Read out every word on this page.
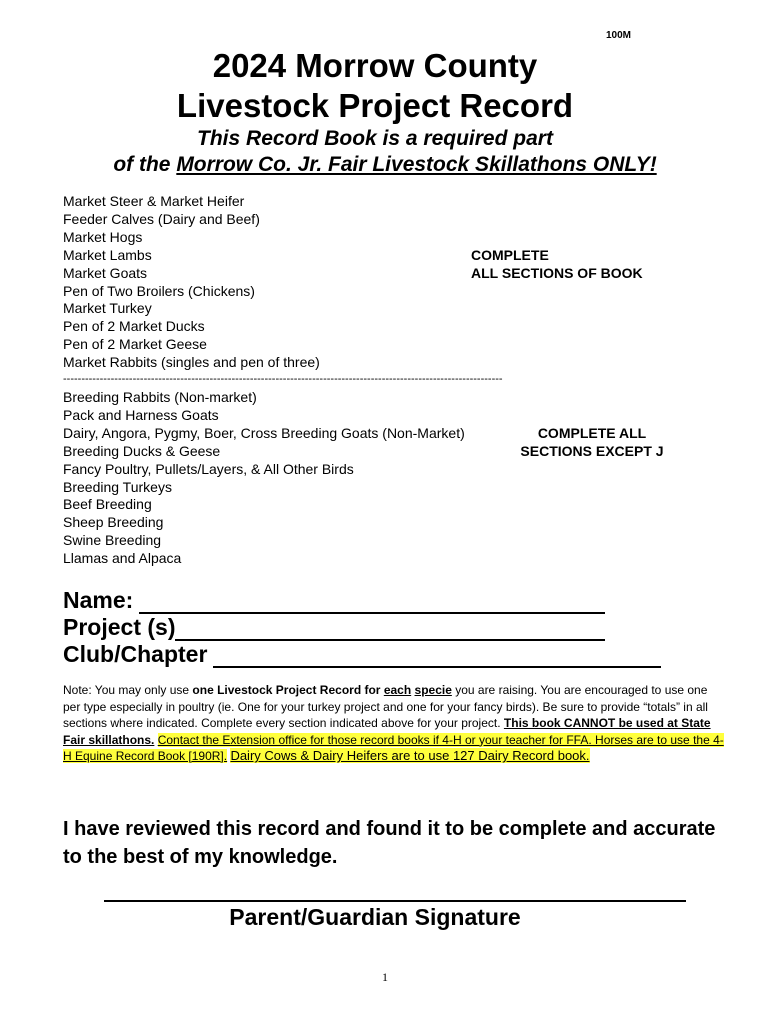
100M
2024 Morrow County
Livestock Project Record
This Record Book is a required part
of the Morrow Co. Jr. Fair Livestock Skillathons ONLY!
Market Steer & Market Heifer
Feeder Calves (Dairy and Beef)
Market Hogs
Market Lambs
Market Goats
Pen of Two Broilers (Chickens)
Market Turkey
Pen of 2 Market Ducks
Pen of 2 Market Geese
Market Rabbits (singles and pen of three)
COMPLETE
ALL SECTIONS OF BOOK
------------------------------------------------------------------------------------------------------------------------
Breeding Rabbits (Non-market)
Pack and Harness Goats
Dairy, Angora, Pygmy, Boer, Cross Breeding Goats (Non-Market)
Breeding Ducks & Geese
Fancy Poultry, Pullets/Layers, & All Other Birds
Breeding Turkeys
Beef Breeding
Sheep Breeding
Swine Breeding
Llamas and Alpaca
COMPLETE ALL
SECTIONS EXCEPT J
Name:
Project (s)
Club/Chapter
Note: You may only use one Livestock Project Record for each specie you are raising. You are encouraged to use one per type especially in poultry (ie. One for your turkey project and one for your fancy birds). Be sure to provide “totals” in all sections where indicated. Complete every section indicated above for your project. This book CANNOT be used at State Fair skillathons. Contact the Extension office for those record books if 4-H or your teacher for FFA. Horses are to use the 4-H Equine Record Book [190R]. Dairy Cows & Dairy Heifers are to use 127 Dairy Record book.
I have reviewed this record and found it to be complete and accurate to the best of my knowledge.
Parent/Guardian Signature
1
